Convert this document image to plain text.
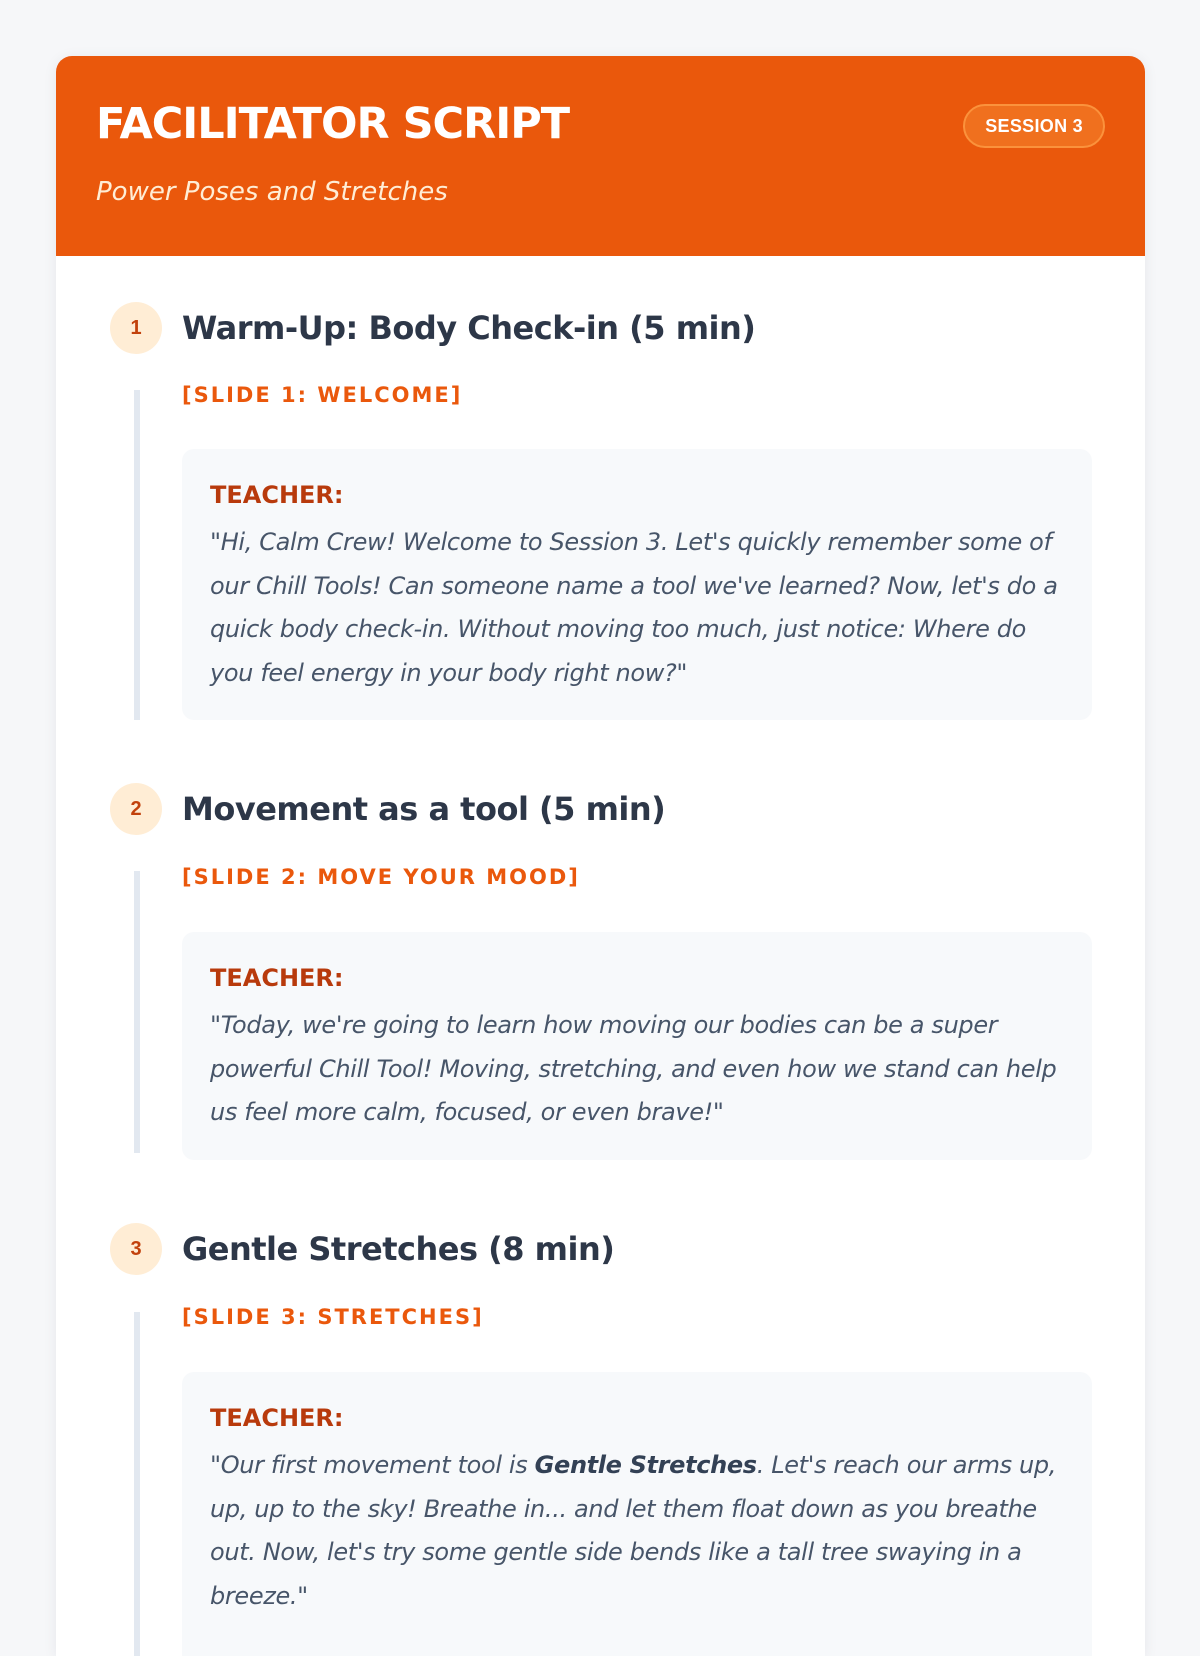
FACILITATOR SCRIPT

Power Poses and Stretches

SESSION 3
1	Warm-Up: Body Check-in (5 min)

[SLIDE 1: WELCOME]

TEACHER:

"Hi, Calm Crew! Welcome to Session 3. Let's quickly remember some of our Chill Tools! Can someone name a tool we've learned? Now, let's do a quick body check-in. Without moving too much, just notice: Where do you feel energy in your body right now?"

2	Movement as a tool (5 min)

[SLIDE 2: MOVE YOUR MOOD]

TEACHER:

"Today, we're going to learn how moving our bodies can be a super powerful Chill Tool! Moving, stretching, and even how we stand can help us feel more calm, focused, or even brave!"

3	Gentle Stretches (8 min)

[SLIDE 3: STRETCHES]

TEACHER:

"Our first movement tool is Gentle Stretches. Let's reach our arms up, up, up to the sky! Breathe in... and let them float down as you breathe out. Now, let's try some gentle side bends like a tall tree swaying in a breeze."
